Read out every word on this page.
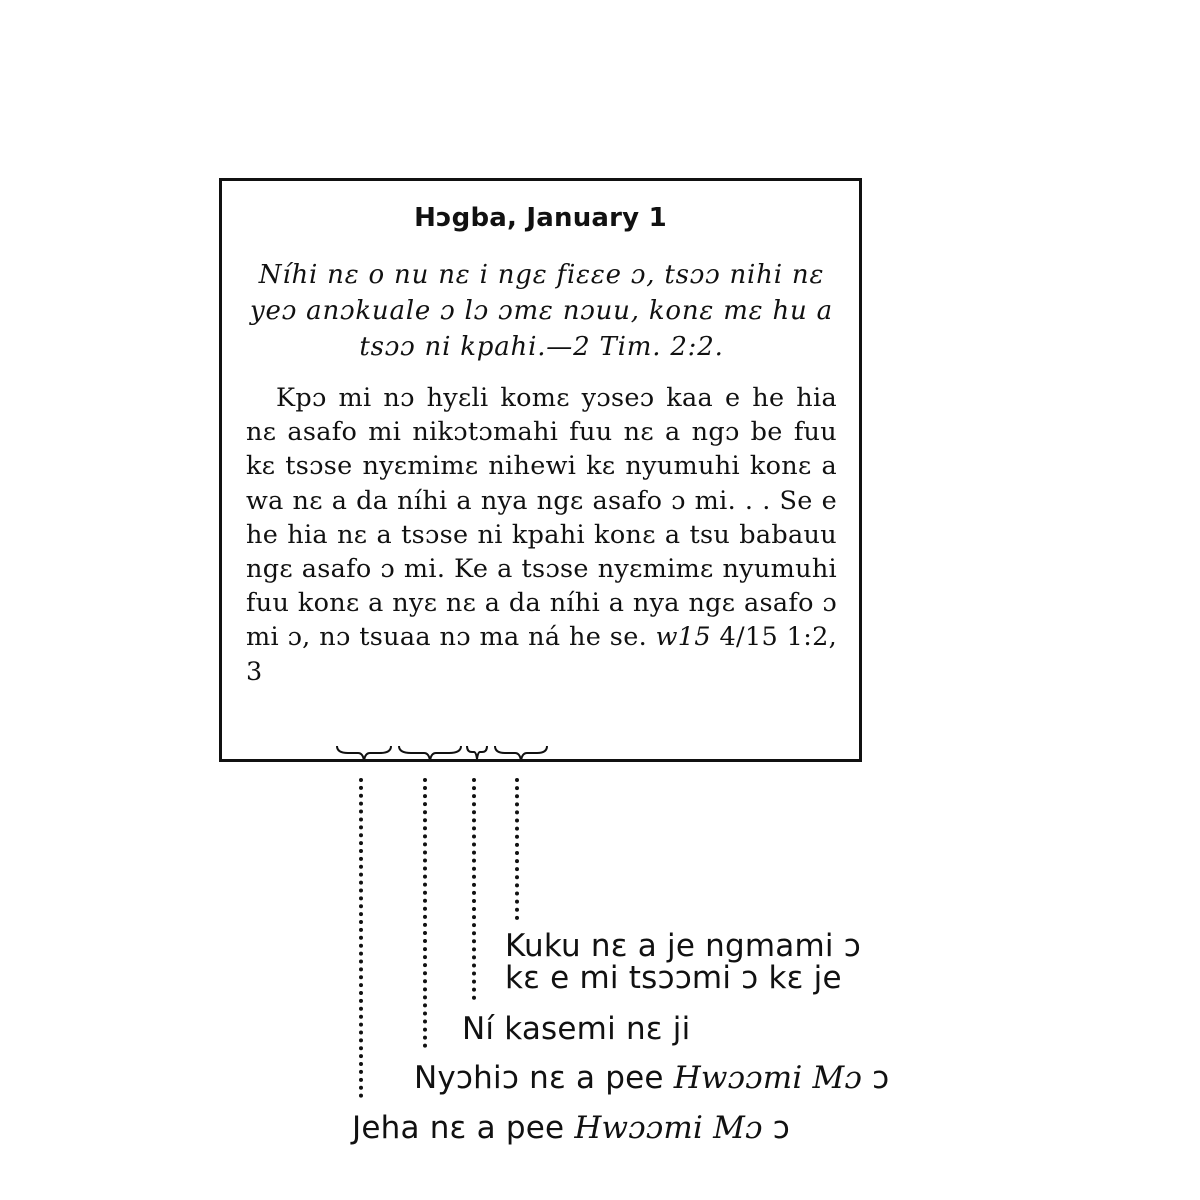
Hɔgba, January 1
Níhi nɛ o nu nɛ i ngɛ fiɛɛe ɔ, tsɔɔ nihi nɛ yeɔ anɔkuale ɔ lɔ ɔmɛ nɔuu, konɛ mɛ hu a tsɔɔ ni kpahi.—2 Tim. 2:2.
Kpɔ mi nɔ hyɛli komɛ yɔseɔ kaa e he hia nɛ asafo mi nikɔtɔmahi fuu nɛ a ngɔ be fuu kɛ tsɔse nyɛmimɛ nihewi kɛ nyumuhi konɛ a wa nɛ a da níhi a nya ngɛ asafo ɔ mi. . . Se e he hia nɛ a tsɔse ni kpahi konɛ a tsu babauu ngɛ asafo ɔ mi. Ke a tsɔse nyɛmimɛ nyumuhi fuu konɛ a nyɛ nɛ a da níhi a nya ngɛ asafo ɔ mi ɔ, nɔ tsuaa nɔ ma ná he se. w15 4/15 1:2, 3
Kuku nɛ a je ngmami ɔ kɛ e mi tsɔɔmi ɔ kɛ je
Ní kasemi nɛ ji
Nyɔhiɔ nɛ a pee Hwɔɔmi Mɔ ɔ
Jeha nɛ a pee Hwɔɔmi Mɔ ɔ
